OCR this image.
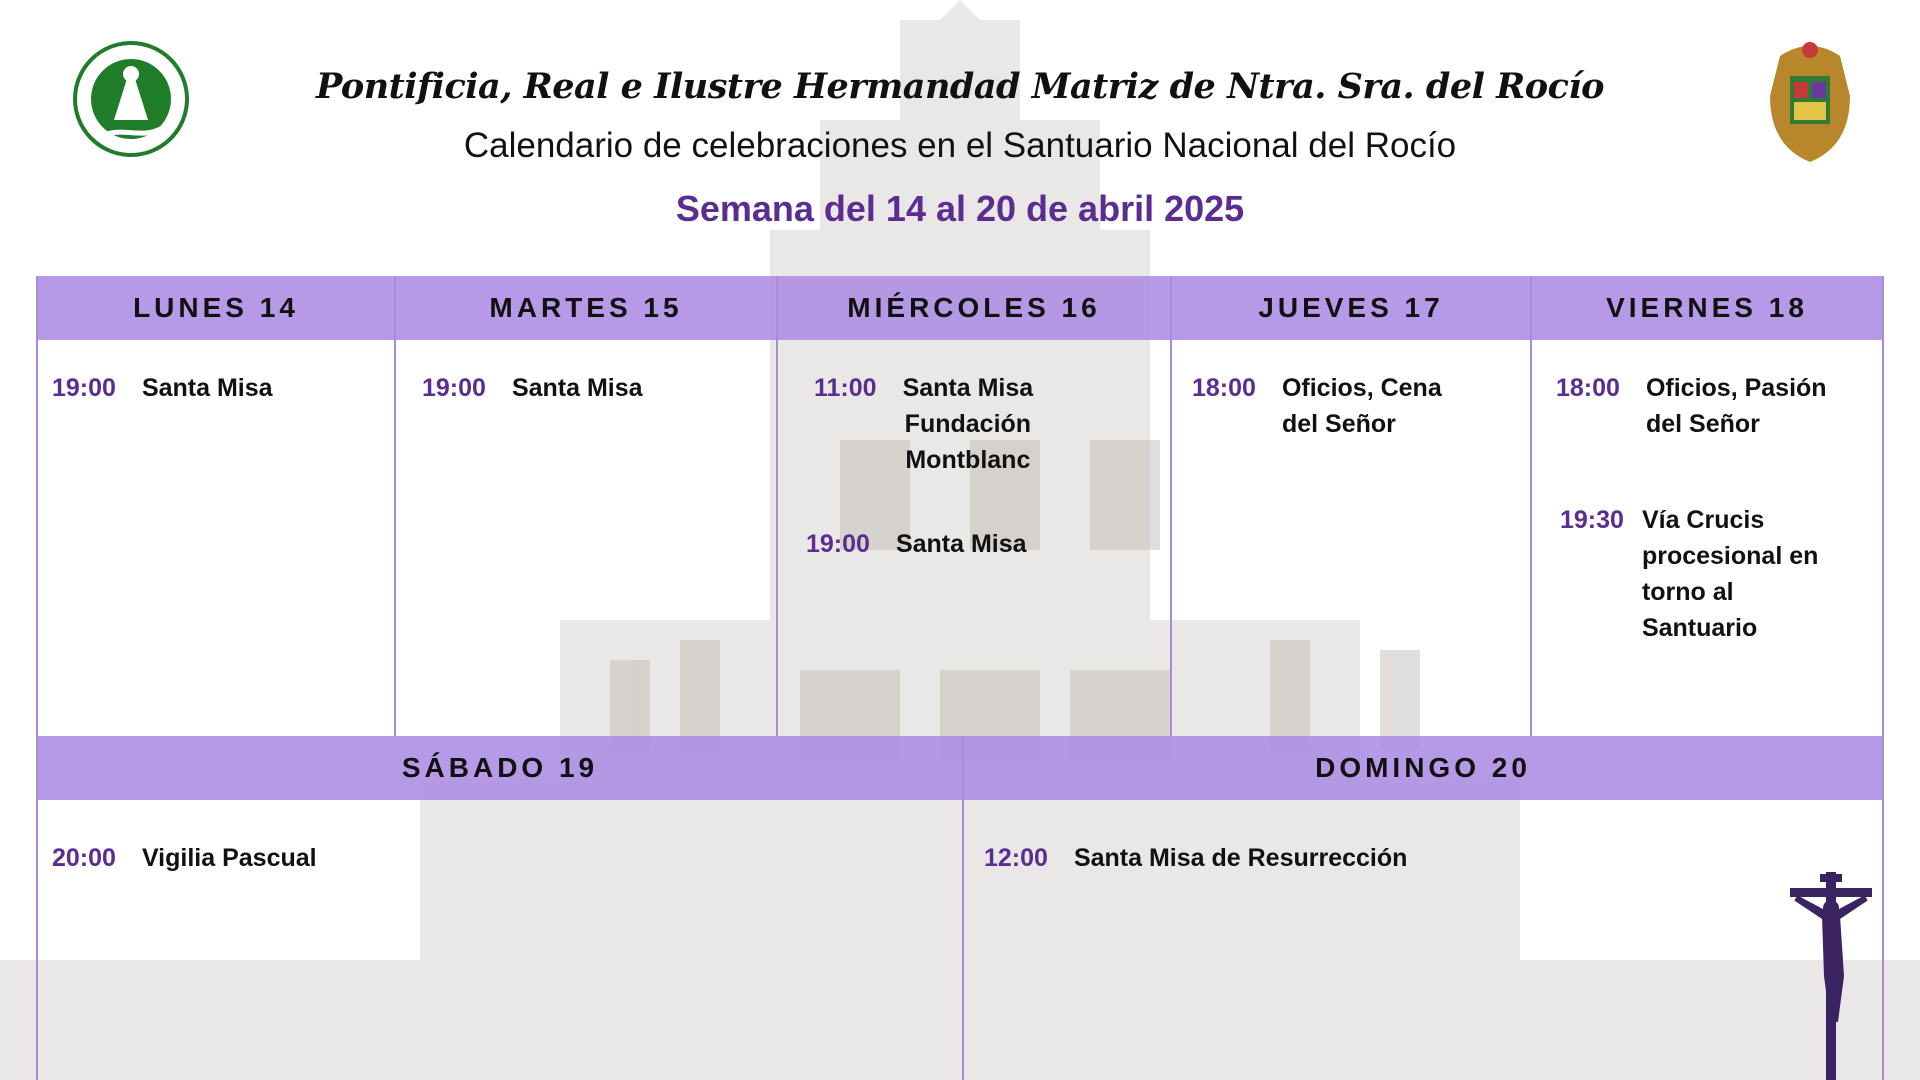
Pontificia, Real e Ilustre Hermandad Matriz de Ntra. Sra. del Rocío
Calendario de celebraciones en el Santuario Nacional del Rocío
Semana del 14 al 20 de abril 2025
LUNES 14
19:00 Santa Misa
MARTES 15
19:00 Santa Misa
MIÉRCOLES 16
11:00 Santa Misa
Fundación
Montblanc
19:00 Santa Misa
JUEVES 17
18:00 Oficios, Cena
del Señor
VIERNES 18
18:00 Oficios, Pasión
del Señor
19:30 Vía Crucis
procesional en
torno al
Santuario
SÁBADO 19
20:00 Vigilia Pascual
DOMINGO 20
12:00 Santa Misa de Resurrección
